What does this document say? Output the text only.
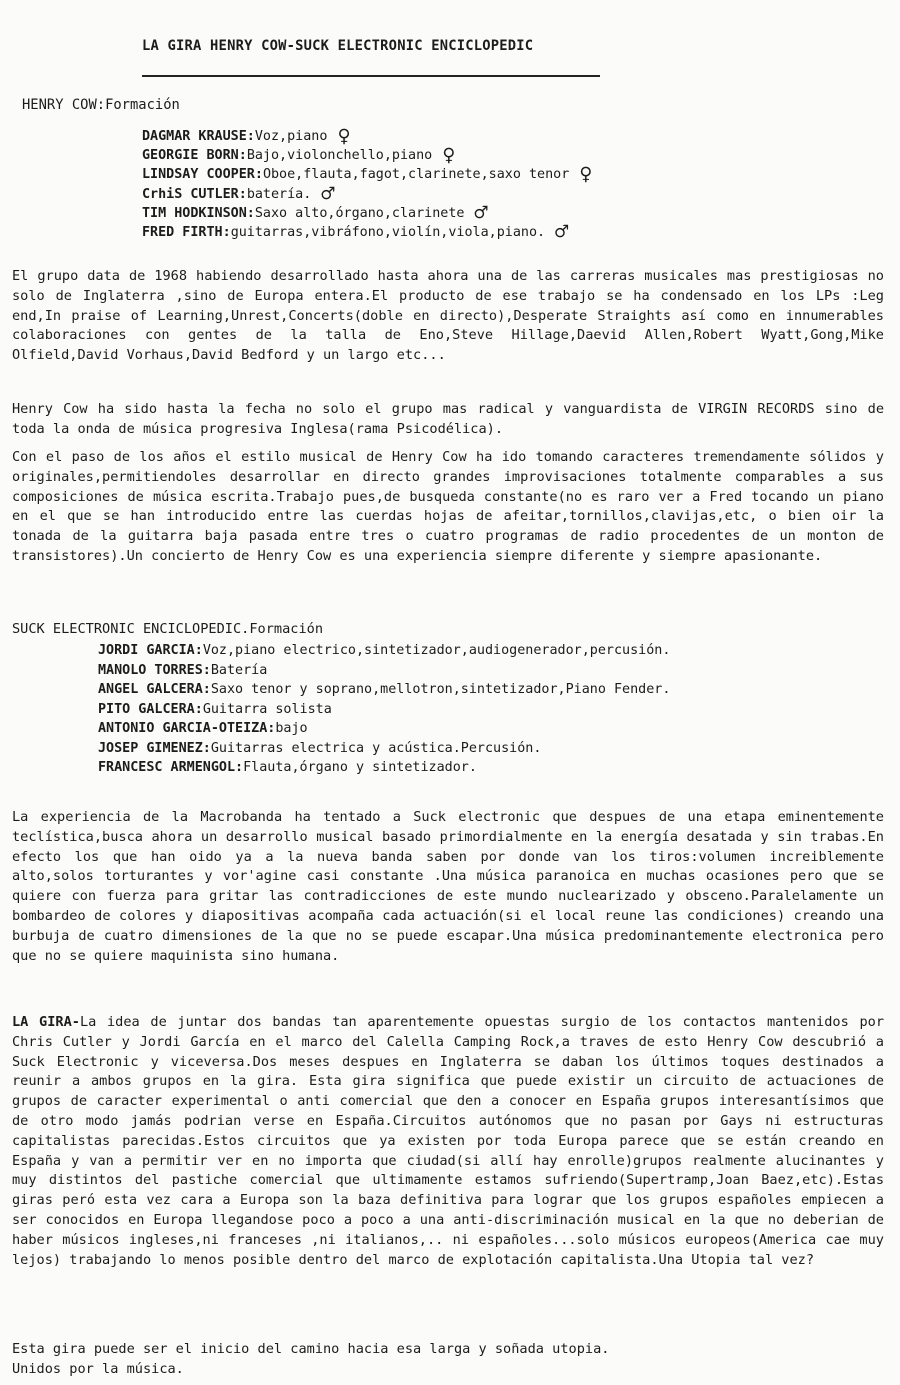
LA GIRA HENRY COW-SUCK ELECTRONIC ENCICLOPEDIC
HENRY COW:Formación
DAGMAR KRAUSE:Voz,piano ♀
GEORGIE BORN:Bajo,violonchello,piano ♀
LINDSAY COOPER:Oboe,flauta,fagot,clarinete,saxo tenor ♀
CrhiS CUTLER:batería. ♂
TIM HODKINSON:Saxo alto,órgano,clarinete ♂
FRED FIRTH:guitarras,vibráfono,violín,viola,piano. ♂
El grupo data de 1968 habiendo desarrollado hasta ahora una de las carreras musicales mas prestigiosas no solo de Inglaterra ,sino de Europa entera.El producto de ese trabajo se ha condensado en los LPs :Leg end,In praise of Learning,Unrest,Concerts(doble en directo),Desperate Straights así como en innumerables colaboraciones con gentes de la talla de Eno,Steve Hillage,Daevid Allen,Robert Wyatt,Gong,Mike Olfield,David Vorhaus,David Bedford y un largo etc...
Henry Cow ha sido hasta la fecha no solo el grupo mas radical y vanguardista de VIRGIN RECORDS sino de toda la onda de música progresiva Inglesa(rama Psicodélica).
Con el paso de los años el estilo musical de Henry Cow ha ido tomando caracteres tremendamente sólidos y originales,permitiendoles desarrollar en directo grandes improvisaciones totalmente comparables a sus composiciones de música escrita.Trabajo pues,de busqueda constante(no es raro ver a Fred tocando un piano en el que se han introducido entre las cuerdas hojas de afeitar,tornillos,clavijas,etc, o bien oir la tonada de la guitarra baja pasada entre tres o cuatro programas de radio procedentes de un monton de transistores).Un concierto de Henry Cow es una experiencia siempre diferente y siempre apasionante.
SUCK ELECTRONIC ENCICLOPEDIC.Formación
JORDI GARCIA:Voz,piano electrico,sintetizador,audiogenerador,percusión.
MANOLO TORRES:Batería
ANGEL GALCERA:Saxo tenor y soprano,mellotron,sintetizador,Piano Fender.
PITO GALCERA:Guitarra solista
ANTONIO GARCIA-OTEIZA:bajo
JOSEP GIMENEZ:Guitarras electrica y acústica.Percusión.
FRANCESC ARMENGOL:Flauta,órgano y sintetizador.
La experiencia de la Macrobanda ha tentado a Suck electronic que despues de una etapa eminentemente teclística,busca ahora un desarrollo musical basado primordialmente en la energía desatada y sin trabas.En efecto los que han oido ya a la nueva banda saben por donde van los tiros:volumen increiblemente alto,solos torturantes y vor'agine casi constante .Una música paranoica en muchas ocasiones pero que se quiere con fuerza para gritar las contradicciones de este mundo nuclearizado y obsceno.Paralelamente un bombardeo de colores y diapositivas acompaña cada actuación(si el local reune las condiciones) creando una burbuja de cuatro dimensiones de la que no se puede escapar.Una música predominantemente electronica pero que no se quiere maquinista sino humana.
LA GIRA-La idea de juntar dos bandas tan aparentemente opuestas surgio de los contactos mantenidos por Chris Cutler y Jordi García en el marco del Calella Camping Rock,a traves de esto Henry Cow descubrió a Suck Electronic y viceversa.Dos meses despues en Inglaterra se daban los últimos toques destinados a reunir a ambos grupos en la gira. Esta gira significa que puede existir un circuito de actuaciones de grupos de caracter experimental o anti comercial que den a conocer en España grupos interesantísimos que de otro modo jamás podrian verse en España.Circuitos autónomos que no pasan por Gays ni estructuras capitalistas parecidas.Estos circuitos que ya existen por toda Europa parece que se están creando en España y van a permitir ver en no importa que ciudad(si allí hay enrolle)grupos realmente alucinantes y muy distintos del pastiche comercial que ultimamente estamos sufriendo(Supertramp,Joan Baez,etc).Estas giras peró esta vez cara a Europa son la baza definitiva para lograr que los grupos españoles empiecen a ser conocidos en Europa llegandose poco a poco a una anti-discriminación musical en la que no deberian de haber músicos ingleses,ni franceses ,ni italianos,.. ni españoles...solo músicos europeos(America cae muy lejos) trabajando lo menos posible dentro del marco de explotación capitalista.Una Utopia tal vez?
Esta gira puede ser el inicio del camino hacia esa larga y soñada utopia.
Unidos por la música.
